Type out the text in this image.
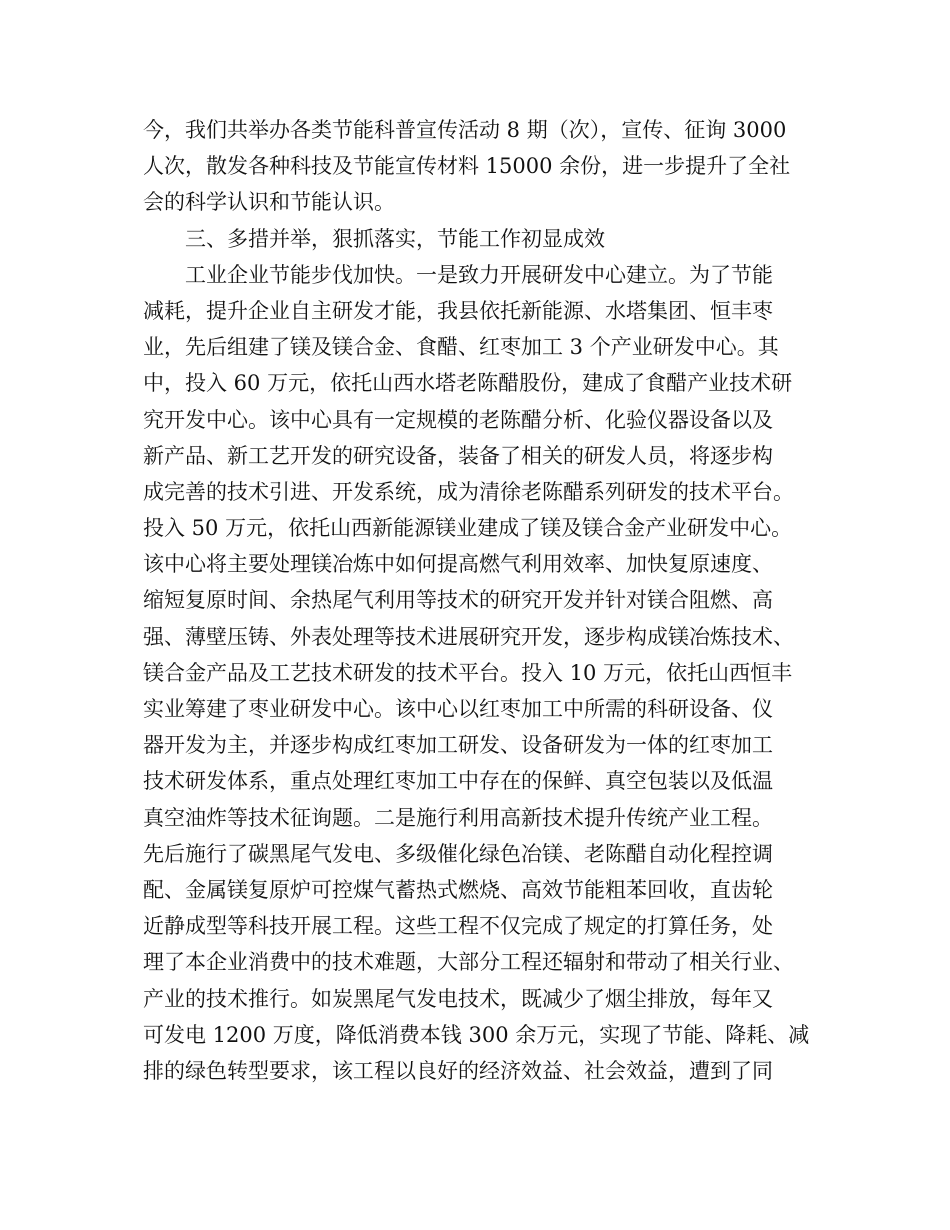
今，我们共举办各类节能科普宣传活动 8 期（次），宣传、征询 3000
人次，散发各种科技及节能宣传材料 15000 余份，进一步提升了全社
会的科学认识和节能认识。
三、多措并举，狠抓落实，节能工作初显成效
工业企业节能步伐加快。一是致力开展研发中心建立。为了节能
减耗，提升企业自主研发才能，我县依托新能源、水塔集团、恒丰枣
业，先后组建了镁及镁合金、食醋、红枣加工 3 个产业研发中心。其
中，投入 60 万元，依托山西水塔老陈醋股份，建成了食醋产业技术研
究开发中心。该中心具有一定规模的老陈醋分析、化验仪器设备以及
新产品、新工艺开发的研究设备，装备了相关的研发人员，将逐步构
成完善的技术引进、开发系统，成为清徐老陈醋系列研发的技术平台。
投入 50 万元，依托山西新能源镁业建成了镁及镁合金产业研发中心。
该中心将主要处理镁冶炼中如何提高燃气利用效率、加快复原速度、
缩短复原时间、余热尾气利用等技术的研究开发并针对镁合阻燃、高
强、薄壁压铸、外表处理等技术进展研究开发，逐步构成镁冶炼技术、
镁合金产品及工艺技术研发的技术平台。投入 10 万元，依托山西恒丰
实业筹建了枣业研发中心。该中心以红枣加工中所需的科研设备、仪
器开发为主，并逐步构成红枣加工研发、设备研发为一体的红枣加工
技术研发体系，重点处理红枣加工中存在的保鲜、真空包装以及低温
真空油炸等技术征询题。二是施行利用高新技术提升传统产业工程。
先后施行了碳黑尾气发电、多级催化绿色冶镁、老陈醋自动化程控调
配、金属镁复原炉可控煤气蓄热式燃烧、高效节能粗苯回收，直齿轮
近静成型等科技开展工程。这些工程不仅完成了规定的打算任务，处
理了本企业消费中的技术难题，大部分工程还辐射和带动了相关行业、
产业的技术推行。如炭黑尾气发电技术，既减少了烟尘排放，每年又
可发电 1200 万度，降低消费本钱 300 余万元，实现了节能、降耗、减
排的绿色转型要求，该工程以良好的经济效益、社会效益，遭到了同
